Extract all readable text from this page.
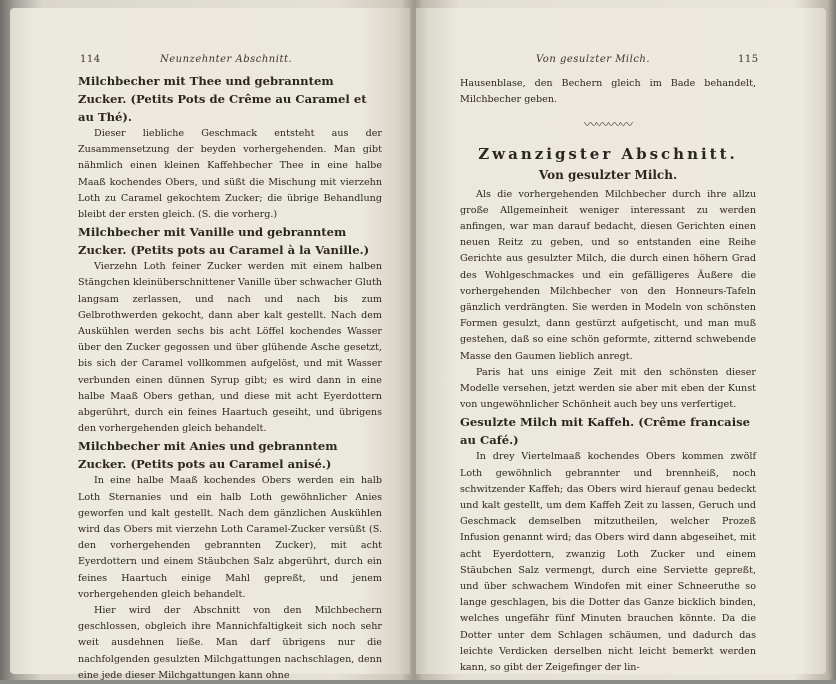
114	Neunzehnter Abschnitt.
Milchbecher mit Thee und gebranntem Zucker. (Petits Pots de Crême au Caramel et au Thé).

Dieser liebliche Geschmack entsteht aus der Zusammensetzung der beyden vorhergehenden. Man gibt nähmlich einen kleinen Kaffehbecher Thee in eine halbe Maaß kochendes Obers, und süßt die Mischung mit vierzehn Loth zu Caramel gekochtem Zucker; die übrige Behandlung bleibt der ersten gleich. (S. die vorherg.)

Milchbecher mit Vanille und gebranntem Zucker. (Petits pots au Caramel à la Vanille.)

Vierzehn Loth feiner Zucker werden mit einem halben Stängchen kleinüberschnittener Vanille über schwacher Gluth langsam zerlassen, und nach und nach bis zum Gelbrothwerden gekocht, dann aber kalt gestellt. Nach dem Auskühlen werden sechs bis acht Löffel kochendes Wasser über den Zucker gegossen und über glühende Asche gesetzt, bis sich der Caramel vollkommen aufgelöst, und mit Wasser verbunden einen dünnen Syrup gibt; es wird dann in eine halbe Maaß Obers gethan, und diese mit acht Eyerdottern abgerührt, durch ein feines Haartuch geseiht, und übrigens den vorhergehenden gleich behandelt.

Milchbecher mit Anies und gebranntem Zucker. (Petits pots au Caramel anisé.)

In eine halbe Maaß kochendes Obers werden ein halb Loth Sternanies und ein halb Loth gewöhnlicher Anies geworfen und kalt gestellt. Nach dem gänzlichen Auskühlen wird das Obers mit vierzehn Loth Caramel-Zucker versüßt (S. den vorhergehenden gebrannten Zucker), mit acht Eyerdottern und einem Stäubchen Salz abgerührt, durch ein feines Haartuch einige Mahl gepreßt, und jenem vorhergehenden gleich behandelt.

Hier wird der Abschnitt von den Milchbechern geschlossen, obgleich ihre Mannichfaltigkeit sich noch sehr weit ausdehnen ließe. Man darf übrigens nur die nachfolgenden gesulzten Milchgattungen nachschlagen, denn eine jede dieser Milchgattungen kann ohne

Von gesulzter Milch.	115

Hausenblase, den Bechern gleich im Bade behandelt, Milchbecher geben.

〰〰〰〰
Zwanzigster Abschnitt.
Von gesulzter Milch.

Als die vorhergehenden Milchbecher durch ihre allzu große Allgemeinheit weniger interessant zu werden anfingen, war man darauf bedacht, diesen Gerichten einen neuen Reitz zu geben, und so entstanden eine Reihe Gerichte aus gesulzter Milch, die durch einen höhern Grad des Wohlgeschmackes und ein gefälligeres Äußere die vorhergehenden Milchbecher von den Honneurs-Tafeln gänzlich verdrängten. Sie werden in Modeln von schönsten Formen gesulzt, dann gestürzt aufgetischt, und man muß gestehen, daß so eine schön geformte, zitternd schwebende Masse den Gaumen lieblich anregt.

Paris hat uns einige Zeit mit den schönsten dieser Modelle versehen, jetzt werden sie aber mit eben der Kunst von ungewöhnlicher Schönheit auch bey uns verfertiget.

Gesulzte Milch mit Kaffeh. (Crême francaise au Café.)

In drey Viertelmaaß kochendes Obers kommen zwölf Loth gewöhnlich gebrannter und brennheiß, noch schwitzender Kaffeh; das Obers wird hierauf genau bedeckt und kalt gestellt, um dem Kaffeh Zeit zu lassen, Geruch und Geschmack demselben mitzutheilen, welcher Prozeß Infusion genannt wird; das Obers wird dann abgeseihet, mit acht Eyerdottern, zwanzig Loth Zucker und einem Stäubchen Salz vermengt, durch eine Serviette gepreßt, und über schwachem Windofen mit einer Schneeruthe so lange geschlagen, bis die Dotter das Ganze bicklich binden, welches ungefähr fünf Minuten brauchen könnte. Da die Dotter unter dem Schlagen schäumen, und dadurch das leichte Verdicken derselben nicht leicht bemerkt werden kann, so gibt der Zeigefinger der lin-
